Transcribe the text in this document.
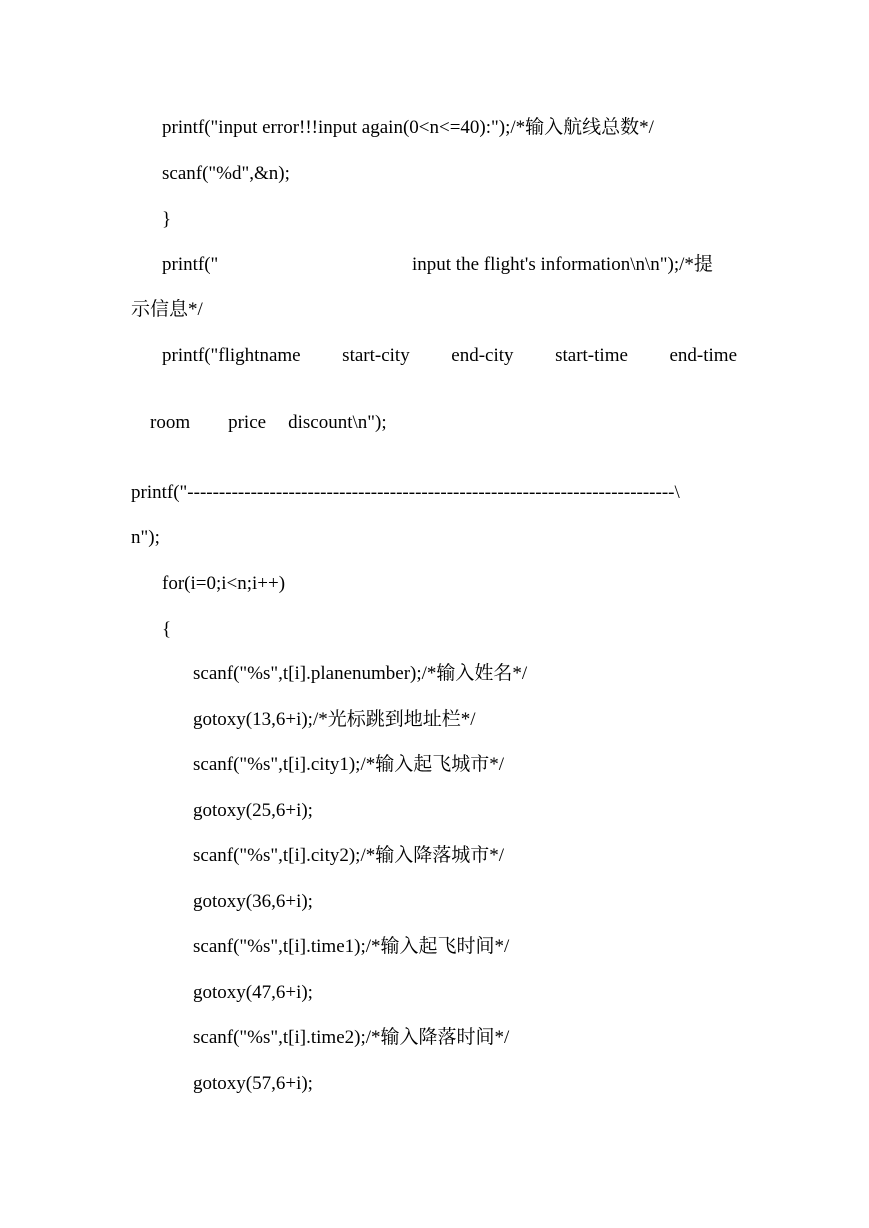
printf("input error!!!input again(0<n<=40):");/*输入航线总数*/
scanf("%d",&n);
}
printf("	input the flight's information\n\n");/*提
示信息*/
printf("flightname start-city end-city start-time end-time

room price discount\n");

printf("-----------------------------------------------------------------------------\
n");
for(i=0;i<n;i++)
{
scanf("%s",t[i].planenumber);/*输入姓名*/
gotoxy(13,6+i);/*光标跳到地址栏*/
scanf("%s",t[i].city1);/*输入起飞城市*/
gotoxy(25,6+i);
scanf("%s",t[i].city2);/*输入降落城市*/
gotoxy(36,6+i);
scanf("%s",t[i].time1);/*输入起飞时间*/
gotoxy(47,6+i);
scanf("%s",t[i].time2);/*输入降落时间*/
gotoxy(57,6+i);
